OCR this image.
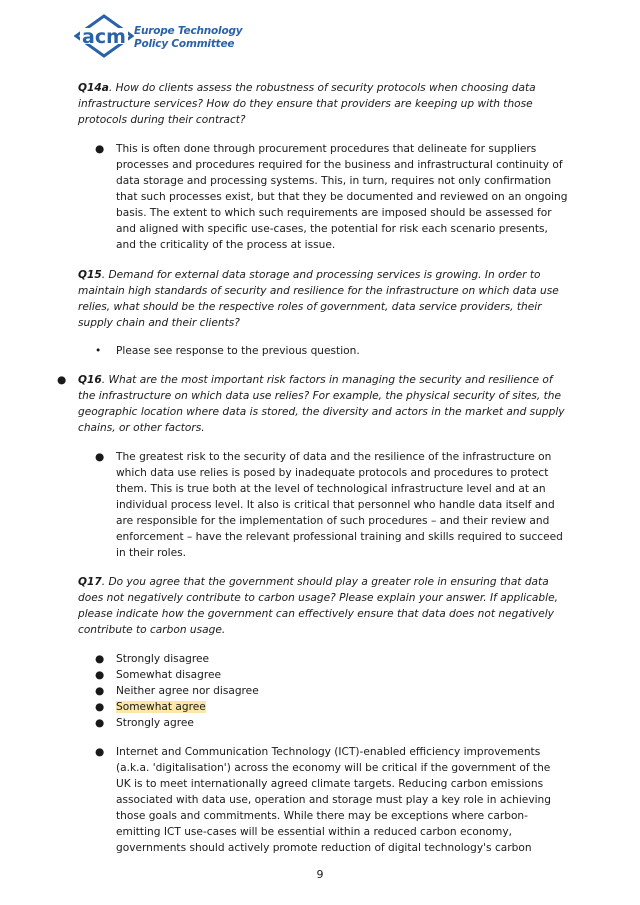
acm Europe Technology
Policy Committee

Q14a. How do clients assess the robustness of security protocols when choosing data infrastructure services? How do they ensure that providers are keeping up with those protocols during their contract?

● This is often done through procurement procedures that delineate for suppliers processes and procedures required for the business and infrastructural continuity of data storage and processing systems. This, in turn, requires not only confirmation that such processes exist, but that they be documented and reviewed on an ongoing basis. The extent to which such requirements are imposed should be assessed for and aligned with specific use-cases, the potential for risk each scenario presents, and the criticality of the process at issue.

Q15. Demand for external data storage and processing services is growing. In order to maintain high standards of security and resilience for the infrastructure on which data use relies, what should be the respective roles of government, data service providers, their supply chain and their clients?

• Please see response to the previous question.
● Q16. What are the most important risk factors in managing the security and resilience of the infrastructure on which data use relies? For example, the physical security of sites, the geographic location where data is stored, the diversity and actors in the market and supply chains, or other factors.
● The greatest risk to the security of data and the resilience of the infrastructure on which data use relies is posed by inadequate protocols and procedures to protect them. This is true both at the level of technological infrastructure level and at an individual process level. It also is critical that personnel who handle data itself and are responsible for the implementation of such procedures – and their review and enforcement – have the relevant professional training and skills required to succeed in their roles.

Q17. Do you agree that the government should play a greater role in ensuring that data does not negatively contribute to carbon usage? Please explain your answer. If applicable, please indicate how the government can effectively ensure that data does not negatively contribute to carbon usage.

● Strongly disagree
● Somewhat disagree
● Neither agree nor disagree
● Somewhat agree
● Strongly agree
● Internet and Communication Technology (ICT)-enabled efficiency improvements (a.k.a. 'digitalisation') across the economy will be critical if the government of the UK is to meet internationally agreed climate targets. Reducing carbon emissions associated with data use, operation and storage must play a key role in achieving those goals and commitments. While there may be exceptions where carbon-emitting ICT use-cases will be essential within a reduced carbon economy, governments should actively promote reduction of digital technology's carbon
9
